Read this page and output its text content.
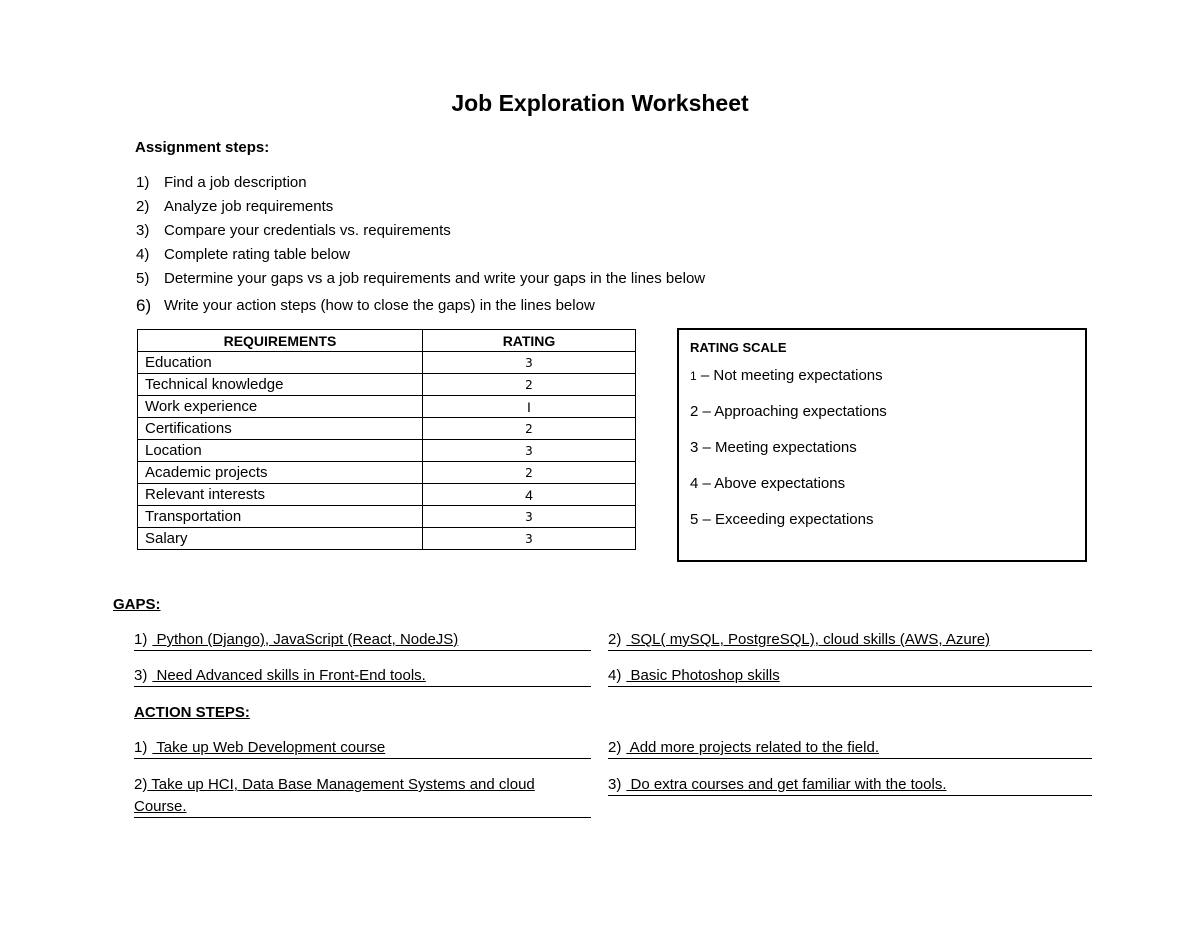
Job Exploration Worksheet
Assignment steps:
1) Find a job description
2) Analyze job requirements
3) Compare your credentials vs. requirements
4) Complete rating table below
5) Determine your gaps vs a job requirements and write your gaps in the lines below
6) Write your action steps (how to close the gaps) in the lines below
REQUIREMENTS	RATING
Education	3
Technical knowledge	2
Work experience	I
Certifications	2
Location	3
Academic projects	2
Relevant interests	4
Transportation	3
Salary	3
RATING SCALE
1 – Not meeting expectations
2 – Approaching expectations
3 – Meeting expectations
4 – Above expectations
5 – Exceeding expectations
GAPS:
1) Python (Django), JavaScript (React, NodeJS)	2) SQL( mySQL, PostgreSQL), cloud skills (AWS, Azure)
3) Need Advanced skills in Front-End tools.	4) Basic Photoshop skills
ACTION STEPS:
1) Take up Web Development course	2) Add more projects related to the field.
2) Take up HCI, Data Base Management Systems and cloud
Course.
3) Do extra courses and get familiar with the tools.
